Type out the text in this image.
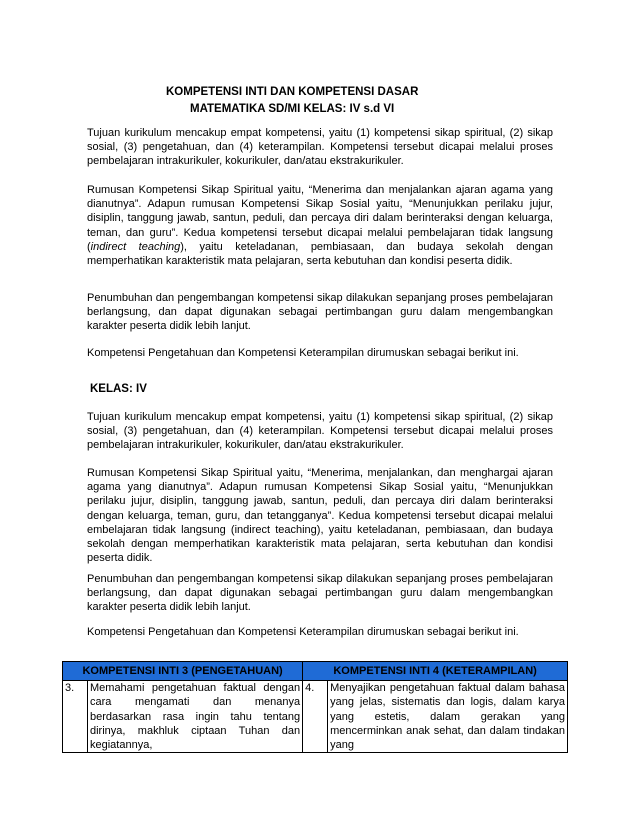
KOMPETENSI INTI DAN KOMPETENSI DASAR
MATEMATIKA SD/MI KELAS: IV s.d VI

Tujuan kurikulum mencakup empat kompetensi, yaitu (1) kompetensi sikap spiritual, (2) sikap sosial, (3) pengetahuan, dan (4) keterampilan. Kompetensi tersebut dicapai melalui proses pembelajaran intrakurikuler, kokurikuler, dan/atau ekstrakurikuler.

Rumusan Kompetensi Sikap Spiritual yaitu, “Menerima dan menjalankan ajaran agama yang dianutnya”. Adapun rumusan Kompetensi Sikap Sosial yaitu, “Menunjukkan perilaku jujur, disiplin, tanggung jawab, santun, peduli, dan percaya diri dalam berinteraksi dengan keluarga, teman, dan guru”. Kedua kompetensi tersebut dicapai melalui pembelajaran tidak langsung (indirect teaching), yaitu keteladanan, pembiasaan, dan budaya sekolah dengan memperhatikan karakteristik mata pelajaran, serta kebutuhan dan kondisi peserta didik.

Penumbuhan dan pengembangan kompetensi sikap dilakukan sepanjang proses pembelajaran berlangsung, dan dapat digunakan sebagai pertimbangan guru dalam mengembangkan karakter peserta didik lebih lanjut.

Kompetensi Pengetahuan dan Kompetensi Keterampilan dirumuskan sebagai berikut ini.

KELAS: IV

Tujuan kurikulum mencakup empat kompetensi, yaitu (1) kompetensi sikap spiritual, (2) sikap sosial, (3) pengetahuan, dan (4) keterampilan. Kompetensi tersebut dicapai melalui proses pembelajaran intrakurikuler, kokurikuler, dan/atau ekstrakurikuler.

Rumusan Kompetensi Sikap Spiritual yaitu, “Menerima, menjalankan, dan menghargai ajaran agama yang dianutnya”. Adapun rumusan Kompetensi Sikap Sosial yaitu, “Menunjukkan perilaku jujur, disiplin, tanggung jawab, santun, peduli, dan percaya diri dalam berinteraksi dengan keluarga, teman, guru, dan tetangganya”. Kedua kompetensi tersebut dicapai melalui embelajaran tidak langsung (indirect teaching), yaitu keteladanan, pembiasaan, dan budaya sekolah dengan memperhatikan karakteristik mata pelajaran, serta kebutuhan dan kondisi peserta didik.

Penumbuhan dan pengembangan kompetensi sikap dilakukan sepanjang proses pembelajaran berlangsung, dan dapat digunakan sebagai pertimbangan guru dalam mengembangkan karakter peserta didik lebih lanjut.

Kompetensi Pengetahuan dan Kompetensi Keterampilan dirumuskan sebagai berikut ini.

KOMPETENSI INTI 3 (PENGETAHUAN)		KOMPETENSI INTI 4 (KETERAMPILAN)	
3.	Memahami pengetahuan faktual dengan cara mengamati dan menanya berdasarkan rasa ingin tahu tentang dirinya, makhluk ciptaan Tuhan dan kegiatannya,	4.	Menyajikan pengetahuan faktual dalam bahasa yang jelas, sistematis dan logis, dalam karya yang estetis, dalam gerakan yang mencerminkan anak sehat, dan dalam tindakan yang
